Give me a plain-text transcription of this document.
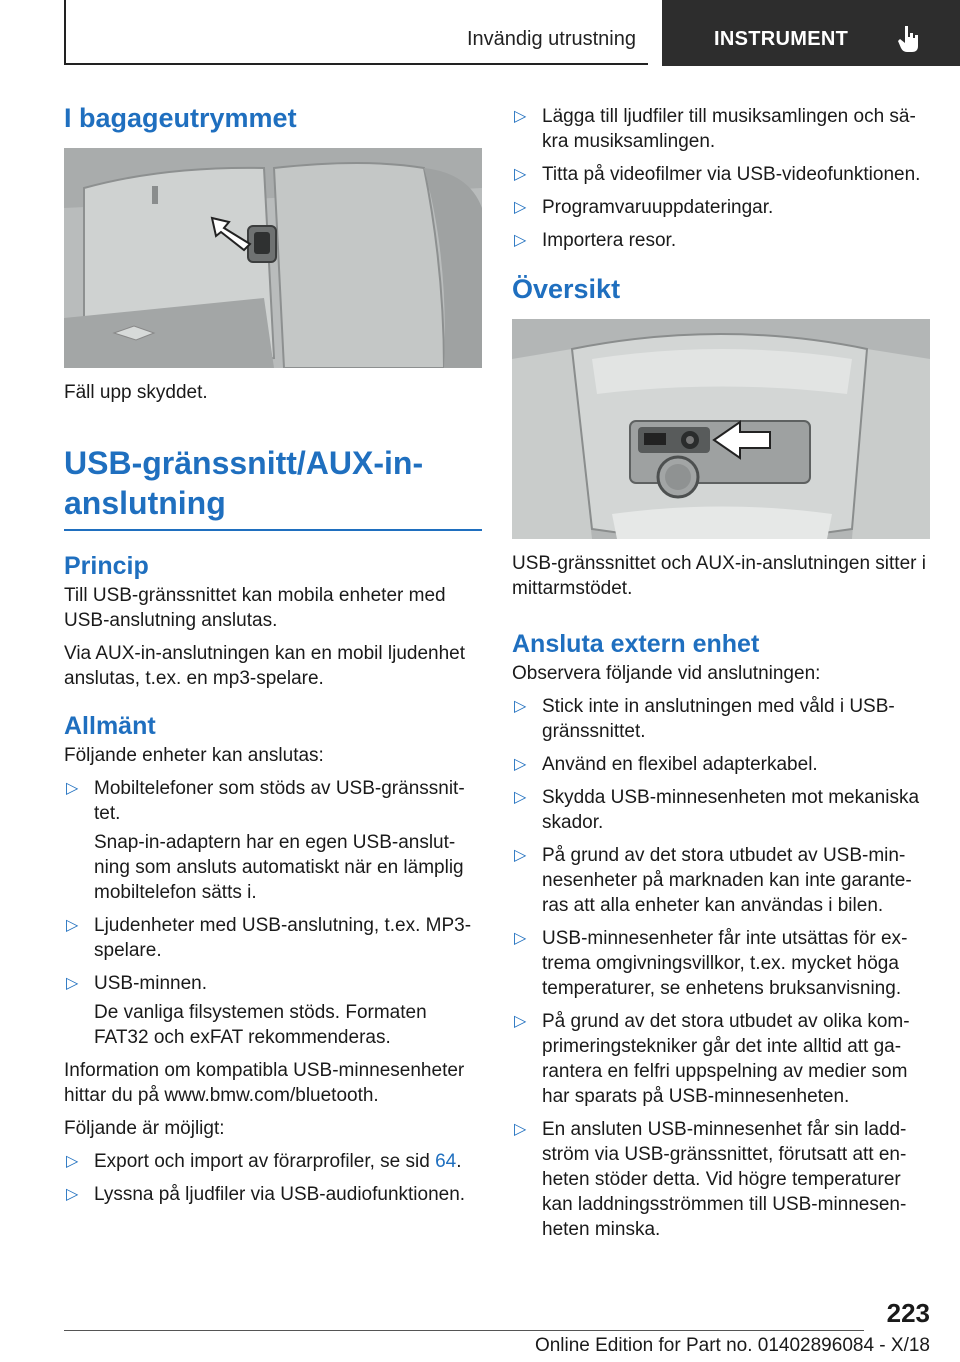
Invändig utrustning	INSTRUMENT
I bagageutrymmet

Fäll upp skyddet.

USB-gränssnitt/AUX-in-anslutning
Princip

Till USB-gränssnittet kan mobila enheter med USB-anslutning anslutas.

Via AUX-in-anslutningen kan en mobil ljudenhet anslutas, t.ex. en mp3-spelare.

Allmänt

Följande enheter kan anslutas:

▷ Mobiltelefoner som stöds av USB-gränssnittet.
Snap-in-adaptern har en egen USB-anslutning som ansluts automatiskt när en lämplig mobiltelefon sätts i.
▷ Ljudenheter med USB-anslutning, t.ex. MP3-spelare.
▷ USB-minnen.
De vanliga filsystemen stöds. Formaten FAT32 och exFAT rekommenderas.

Information om kompatibla USB-minnesenheter hittar du på www.bmw.com/bluetooth.

Följande är möjligt:

▷ Export och import av förarprofiler, se sid 64.
▷ Lyssna på ljudfiler via USB-audiofunktionen.
▷ Lägga till ljudfiler till musiksamlingen och säkra musiksamlingen.
▷ Titta på videofilmer via USB-videofunktionen.
▷ Programvaruuppdateringar.
▷ Importera resor.
Översikt

USB-gränssnittet och AUX-in-anslutningen sitter i mittarmstödet.

Ansluta extern enhet

Observera följande vid anslutningen:

▷ Stick inte in anslutningen med våld i USB-gränssnittet.
▷ Använd en flexibel adapterkabel.
▷ Skydda USB-minnesenheten mot mekaniska skador.
▷ På grund av det stora utbudet av USB-minnesenheter på marknaden kan inte garanteras att alla enheter kan användas i bilen.
▷ USB-minnesenheter får inte utsättas för extrema omgivningsvillkor, t.ex. mycket höga temperaturer, se enhetens bruksanvisning.
▷ På grund av det stora utbudet av olika komprimeringstekniker går det inte alltid att garantera en felfri uppspelning av medier som har sparats på USB-minnesenheten.
▷ En ansluten USB-minnesenhet får sin laddström via USB-gränssnittet, förutsatt att enheten stöder detta. Vid högre temperaturer kan laddningsströmmen till USB-minnesenheten minska.
223
Online Edition for Part no. 01402896084 - X/18
